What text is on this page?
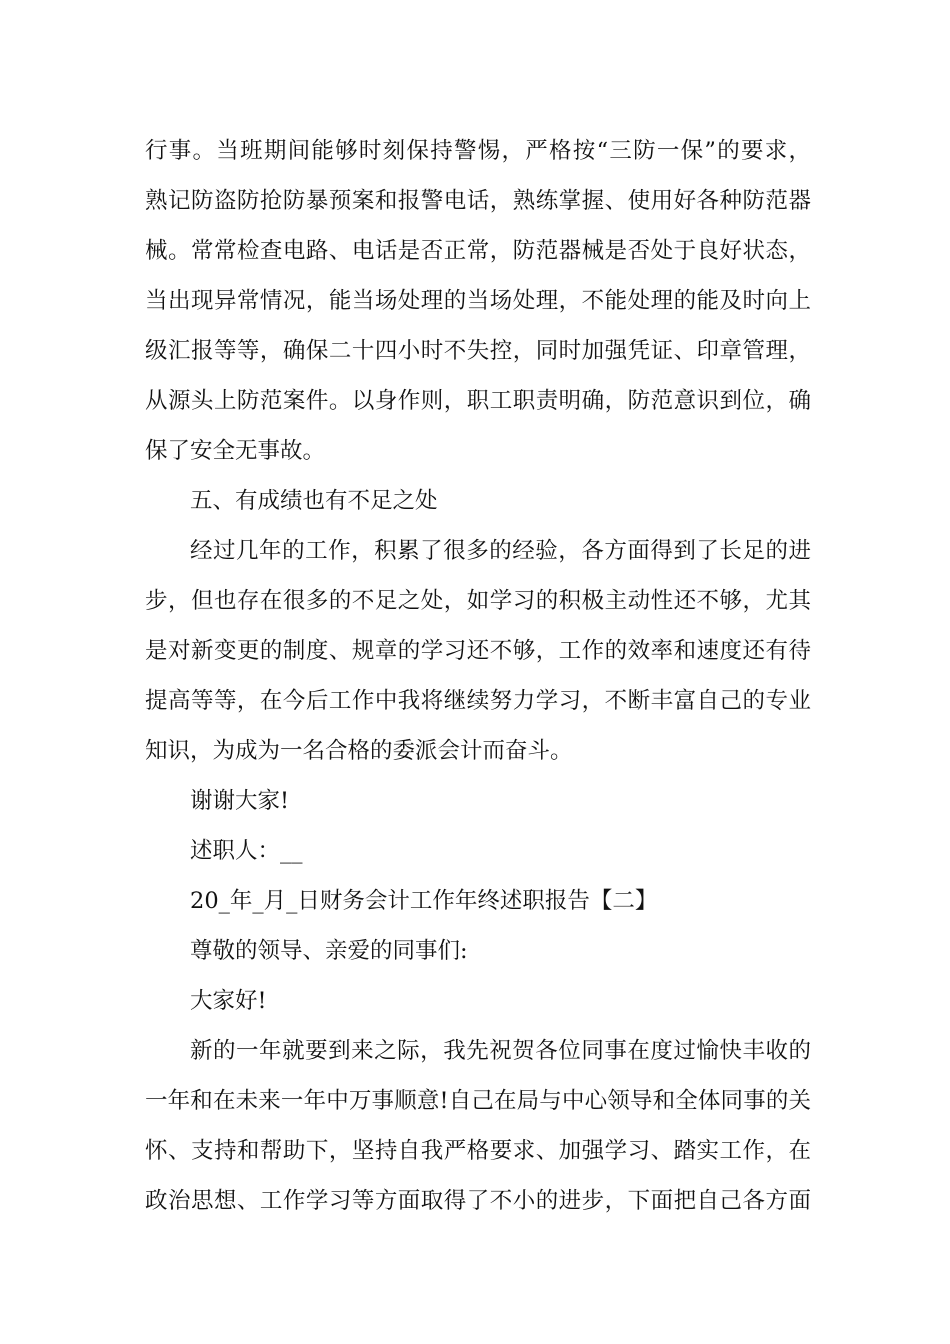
行事。当班期间能够时刻保持警惕，严格按“三防一保”的要求，
熟记防盗防抢防暴预案和报警电话，熟练掌握、使用好各种防范器
械。常常检查电路、电话是否正常，防范器械是否处于良好状态，
当出现异常情况，能当场处理的当场处理，不能处理的能及时向上
级汇报等等，确保二十四小时不失控，同时加强凭证、印章管理，
从源头上防范案件。以身作则，职工职责明确，防范意识到位，确
保了安全无事故。

五、有成绩也有不足之处

经过几年的工作，积累了很多的经验，各方面得到了长足的进
步，但也存在很多的不足之处，如学习的积极主动性还不够，尤其
是对新变更的制度、规章的学习还不够，工作的效率和速度还有待
提高等等，在今后工作中我将继续努力学习，不断丰富自己的专业
知识，为成为一名合格的委派会计而奋斗。

谢谢大家!

述职人：__

20_年_月_日财务会计工作年终述职报告【二】

尊敬的领导、亲爱的同事们:

大家好!

新的一年就要到来之际，我先祝贺各位同事在度过愉快丰收的
一年和在未来一年中万事顺意!自己在局与中心领导和全体同事的关
怀、支持和帮助下，坚持自我严格要求、加强学习、踏实工作，在
政治思想、工作学习等方面取得了不小的进步，下面把自己各方面
